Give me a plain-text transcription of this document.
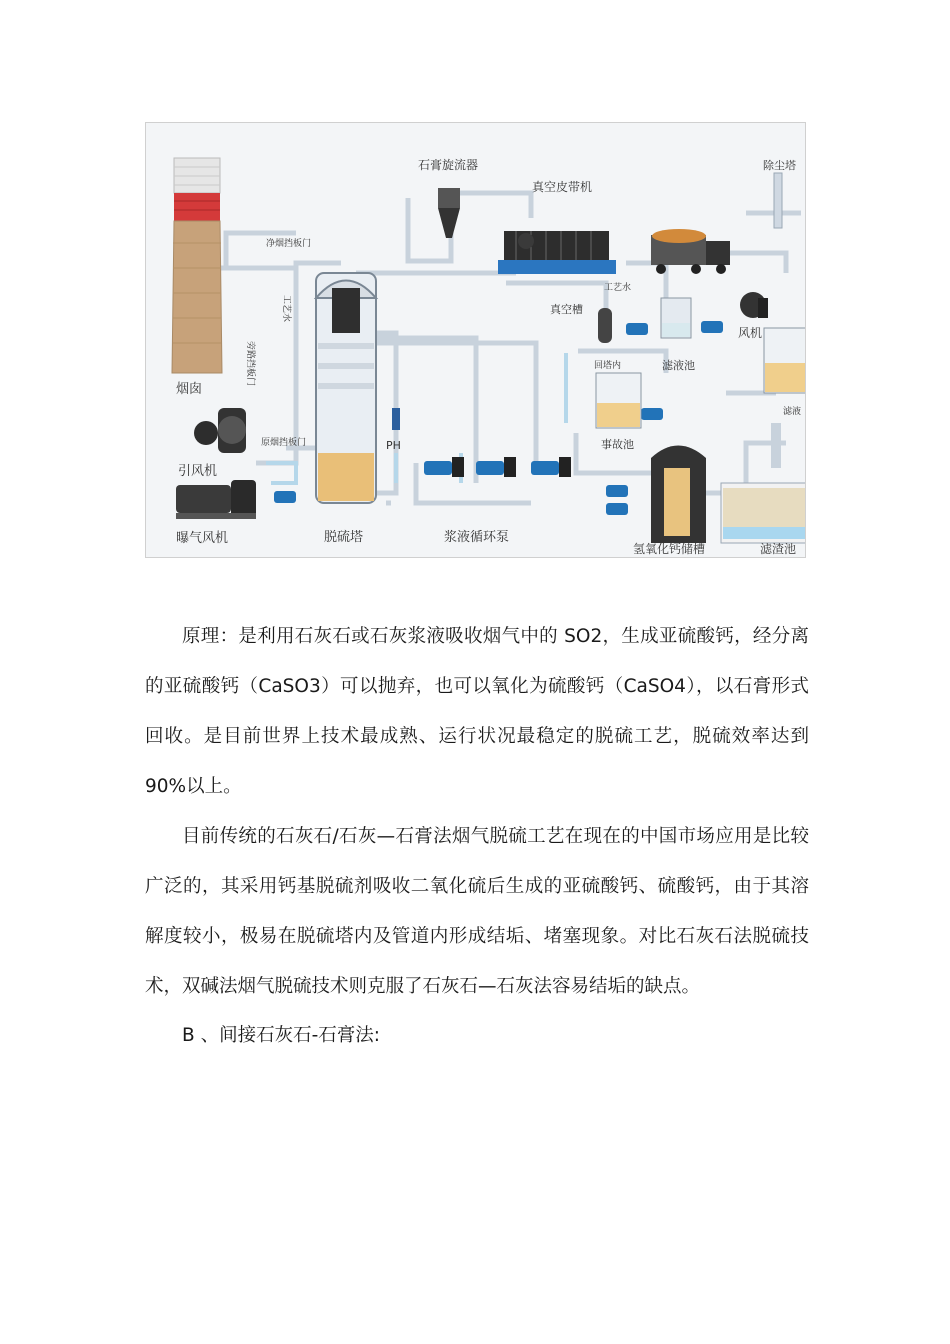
烟囱
引风机
曝气风机	脱硫塔	浆液循环泵
石膏旋流器
真空皮带机
真空槽
除尘塔
风机
净烟挡板门
原烟挡板门
工艺水
PH
回塔内	滤液池
事故池
滤液
氢氧化钙储槽	滤渣池
工艺水
旁路挡板门

原理：是利用石灰石或石灰浆液吸收烟气中的 SO2，生成亚硫酸钙，经分离的亚硫酸钙（CaSO3）可以抛弃，也可以氧化为硫酸钙（CaSO4），以石膏形式回收。是目前世界上技术最成熟、运行状况最稳定的脱硫工艺，脱硫效率达到 90%以上。

目前传统的石灰石/石灰—石膏法烟气脱硫工艺在现在的中国市场应用是比较广泛的，其采用钙基脱硫剂吸收二氧化硫后生成的亚硫酸钙、硫酸钙，由于其溶解度较小，极易在脱硫塔内及管道内形成结垢、堵塞现象。对比石灰石法脱硫技术，双碱法烟气脱硫技术则克服了石灰石—石灰法容易结垢的缺点。

B 、间接石灰石-石膏法:
